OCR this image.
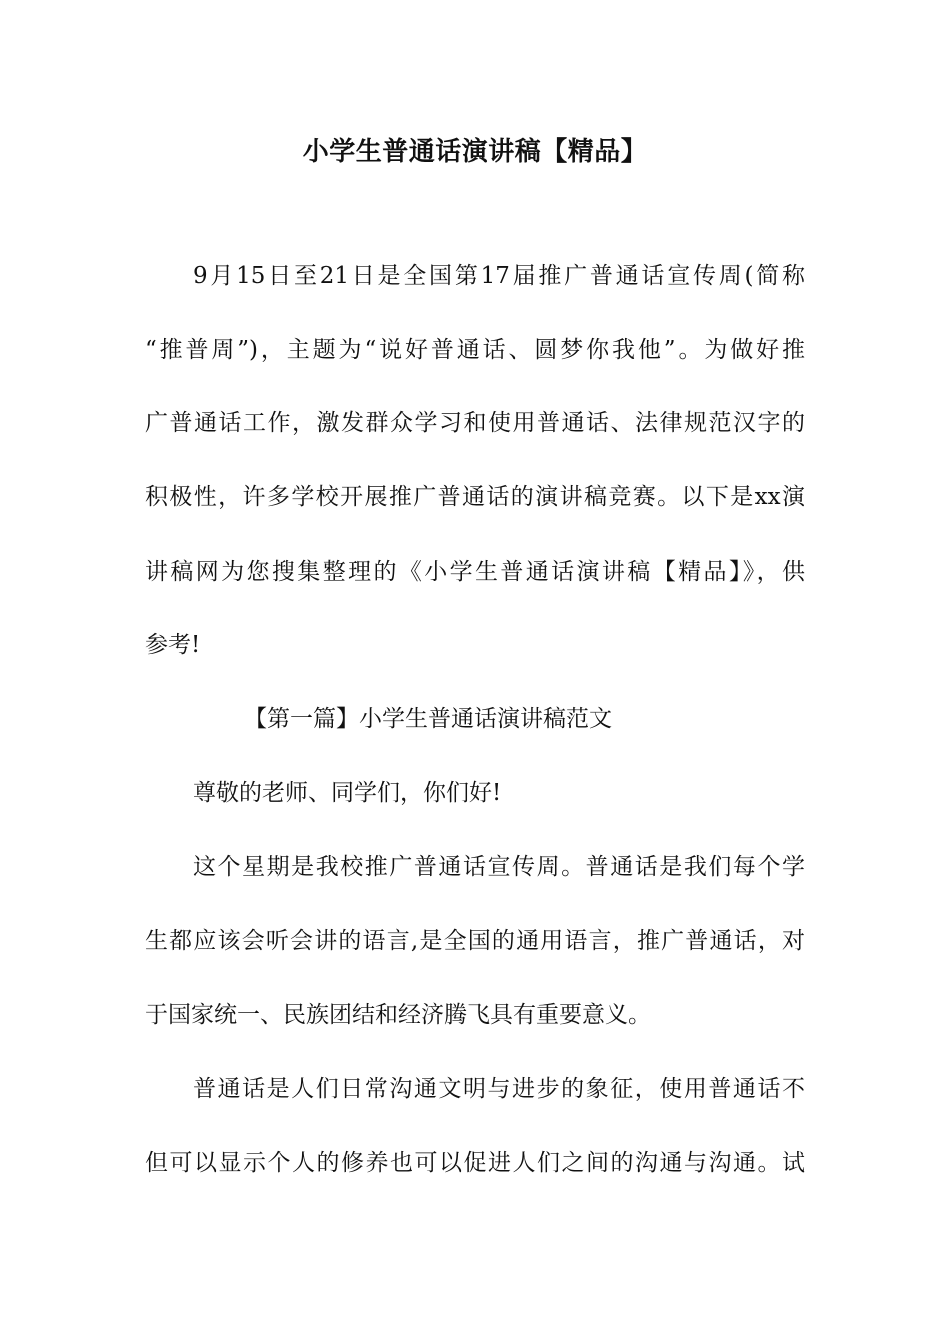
小学生普通话演讲稿【精品】
9月15日至21日是全国第17届推广普通话宣传周(简称
“推普周”)，主题为“说好普通话、圆梦你我他”。为做好推
广普通话工作，激发群众学习和使用普通话、法律规范汉字的
积极性，许多学校开展推广普通话的演讲稿竞赛。以下是xx演
讲稿网为您搜集整理的《小学生普通话演讲稿【精品】》，供
参考!
【第一篇】小学生普通话演讲稿范文
尊敬的老师、同学们，你们好!
这个星期是我校推广普通话宣传周。普通话是我们每个学
生都应该会听会讲的语言,是全国的通用语言，推广普通话，对
于国家统一、民族团结和经济腾飞具有重要意义。
普通话是人们日常沟通文明与进步的象征，使用普通话不
但可以显示个人的修养也可以促进人们之间的沟通与沟通。试
